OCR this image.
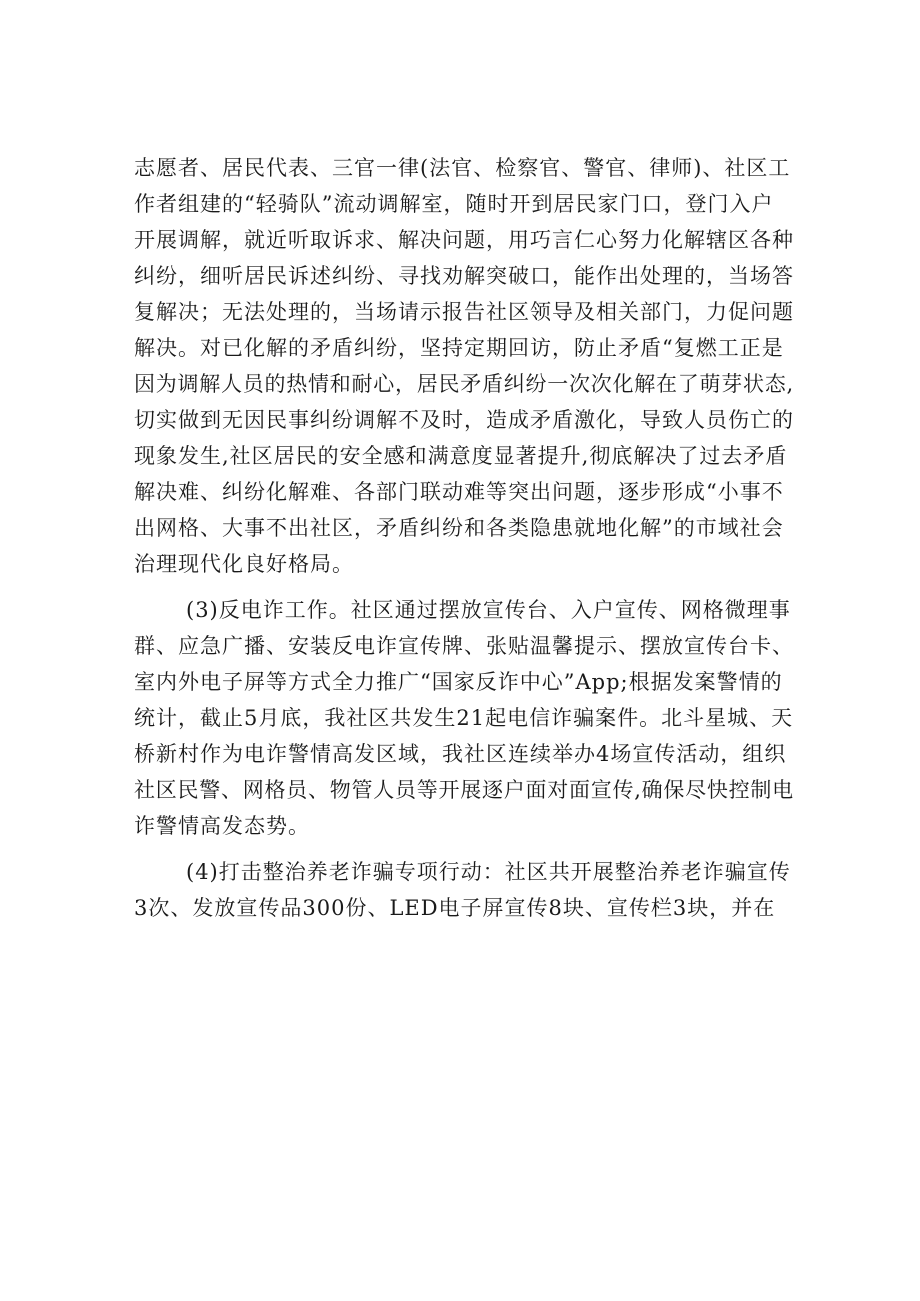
志愿者、居民代表、三官一律(法官、检察官、警官、律师)、社区工
作者组建的“轻骑队”流动调解室，随时开到居民家门口，登门入户
开展调解，就近听取诉求、解决问题，用巧言仁心努力化解辖区各种
纠纷，细听居民诉述纠纷、寻找劝解突破口，能作出处理的，当场答
复解决；无法处理的，当场请示报告社区领导及相关部门，力促问题
解决。对已化解的矛盾纠纷，坚持定期回访，防止矛盾“复燃工正是
因为调解人员的热情和耐心，居民矛盾纠纷一次次化解在了萌芽状态,
切实做到无因民事纠纷调解不及时，造成矛盾激化，导致人员伤亡的
现象发生,社区居民的安全感和满意度显著提升,彻底解决了过去矛盾
解决难、纠纷化解难、各部门联动难等突出问题，逐步形成“小事不
出网格、大事不出社区，矛盾纠纷和各类隐患就地化解”的市域社会
治理现代化良好格局。
(3)反电诈工作。社区通过摆放宣传台、入户宣传、网格微理事
群、应急广播、安装反电诈宣传牌、张贴温馨提示、摆放宣传台卡、
室内外电子屏等方式全力推广“国家反诈中心”App;根据发案警情的
统计，截止5月底，我社区共发生21起电信诈骗案件。北斗星城、天
桥新村作为电诈警情高发区域，我社区连续举办4场宣传活动，组织
社区民警、网格员、物管人员等开展逐户面对面宣传,确保尽快控制电
诈警情高发态势。
(4)打击整治养老诈骗专项行动：社区共开展整治养老诈骗宣传
3次、发放宣传品300份、LED电子屏宣传8块、宣传栏3块，并在
